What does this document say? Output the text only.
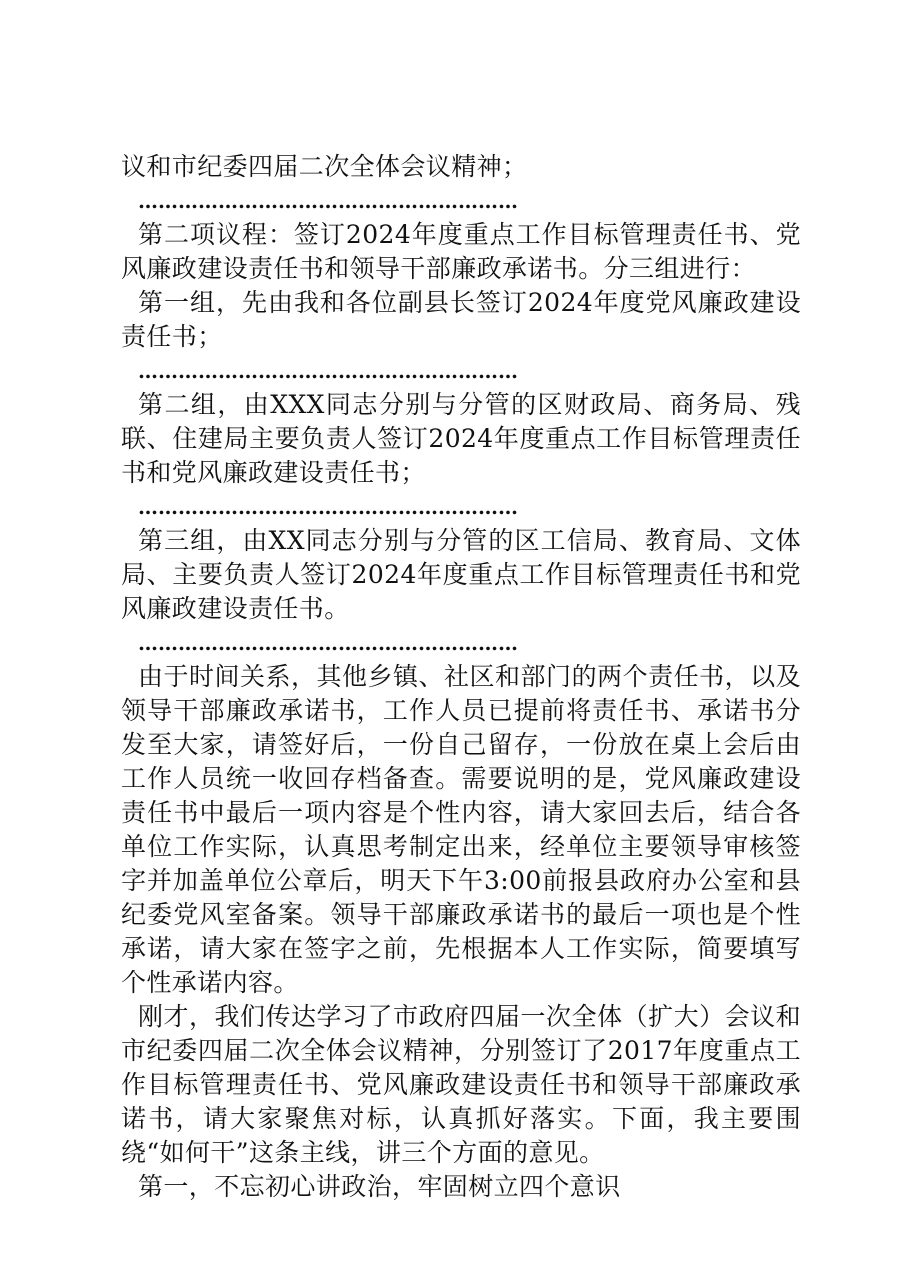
议和市纪委四届二次全体会议精神；

…………………………………………………

第二项议程：签订2024年度重点工作目标管理责任书、党风廉政建设责任书和领导干部廉政承诺书。分三组进行：

第一组，先由我和各位副县长签订2024年度党风廉政建设责任书；

…………………………………………………

第二组，由XXX同志分别与分管的区财政局、商务局、残联、住建局主要负责人签订2024年度重点工作目标管理责任书和党风廉政建设责任书；

…………………………………………………

第三组，由XX同志分别与分管的区工信局、教育局、文体局、主要负责人签订2024年度重点工作目标管理责任书和党风廉政建设责任书。

…………………………………………………

由于时间关系，其他乡镇、社区和部门的两个责任书，以及领导干部廉政承诺书，工作人员已提前将责任书、承诺书分发至大家，请签好后，一份自己留存，一份放在桌上会后由工作人员统一收回存档备查。需要说明的是，党风廉政建设责任书中最后一项内容是个性内容，请大家回去后，结合各单位工作实际，认真思考制定出来，经单位主要领导审核签字并加盖单位公章后，明天下午3:00前报县政府办公室和县纪委党风室备案。领导干部廉政承诺书的最后一项也是个性承诺，请大家在签字之前，先根据本人工作实际，简要填写个性承诺内容。

刚才，我们传达学习了市政府四届一次全体（扩大）会议和市纪委四届二次全体会议精神，分别签订了2017年度重点工作目标管理责任书、党风廉政建设责任书和领导干部廉政承诺书，请大家聚焦对标，认真抓好落实。下面，我主要围绕“如何干”这条主线，讲三个方面的意见。

第一，不忘初心讲政治，牢固树立四个意识
